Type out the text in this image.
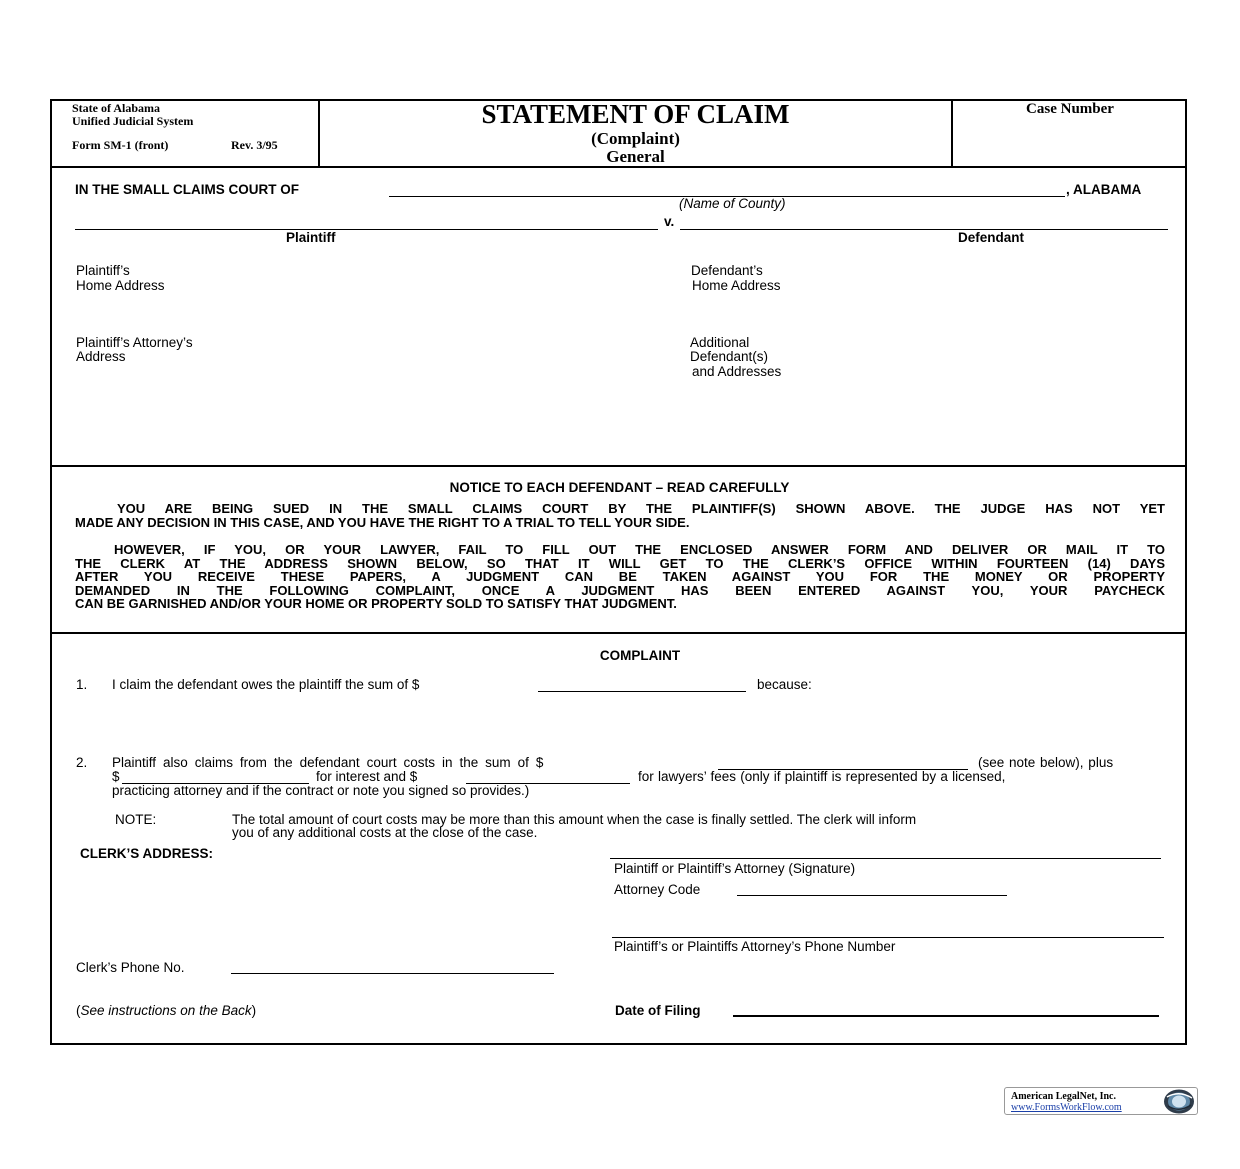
State of Alabama
Unified Judicial System
Form SM-1 (front)	Rev. 3/95
STATEMENT OF CLAIM
(Complaint)
General
Case Number
IN THE SMALL CLAIMS COURT OF	, ALABAMA
(Name of County)
v.
Plaintiff	Defendant
Plaintiff’s
Home Address
Defendant’s
Home Address
Plaintiff’s Attorney’s
Address
Additional
Defendant(s)
and Addresses
NOTICE TO EACH DEFENDANT – READ CAREFULLY
YOU ARE BEING SUED IN THE SMALL CLAIMS COURT BY THE PLAINTIFF(S) SHOWN ABOVE. THE JUDGE HAS NOT YET
MADE ANY DECISION IN THIS CASE, AND YOU HAVE THE RIGHT TO A TRIAL TO TELL YOUR SIDE.
HOWEVER, IF YOU, OR YOUR LAWYER, FAIL TO FILL OUT THE ENCLOSED ANSWER FORM AND DELIVER OR MAIL IT TO
THE CLERK AT THE ADDRESS SHOWN BELOW, SO THAT IT WILL GET TO THE CLERK’S OFFICE WITHIN FOURTEEN (14) DAYS
AFTER YOU RECEIVE THESE PAPERS, A JUDGMENT CAN BE TAKEN AGAINST YOU FOR THE MONEY OR PROPERTY
DEMANDED IN THE FOLLOWING COMPLAINT, ONCE A JUDGMENT HAS BEEN ENTERED AGAINST YOU, YOUR PAYCHECK
CAN BE GARNISHED AND/OR YOUR HOME OR PROPERTY SOLD TO SATISFY THAT JUDGMENT.
COMPLAINT
1. I claim the defendant owes the plaintiff the sum of $	because:
2. Plaintiff also claims from the defendant court costs in the sum of $	(see note below), plus
$	for interest and $	for lawyers’ fees (only if plaintiff is represented by a licensed,
practicing attorney and if the contract or note you signed so provides.)
NOTE:	The total amount of court costs may be more than this amount when the case is finally settled. The clerk will inform
you of any additional costs at the close of the case.
CLERK’S ADDRESS:
Plaintiff or Plaintiff’s Attorney (Signature)
Attorney Code
Plaintiff’s or Plaintiffs Attorney’s Phone Number
Clerk’s Phone No.
(See instructions on the Back)	Date of Filing
American LegalNet, Inc.
www.FormsWorkFlow.com
